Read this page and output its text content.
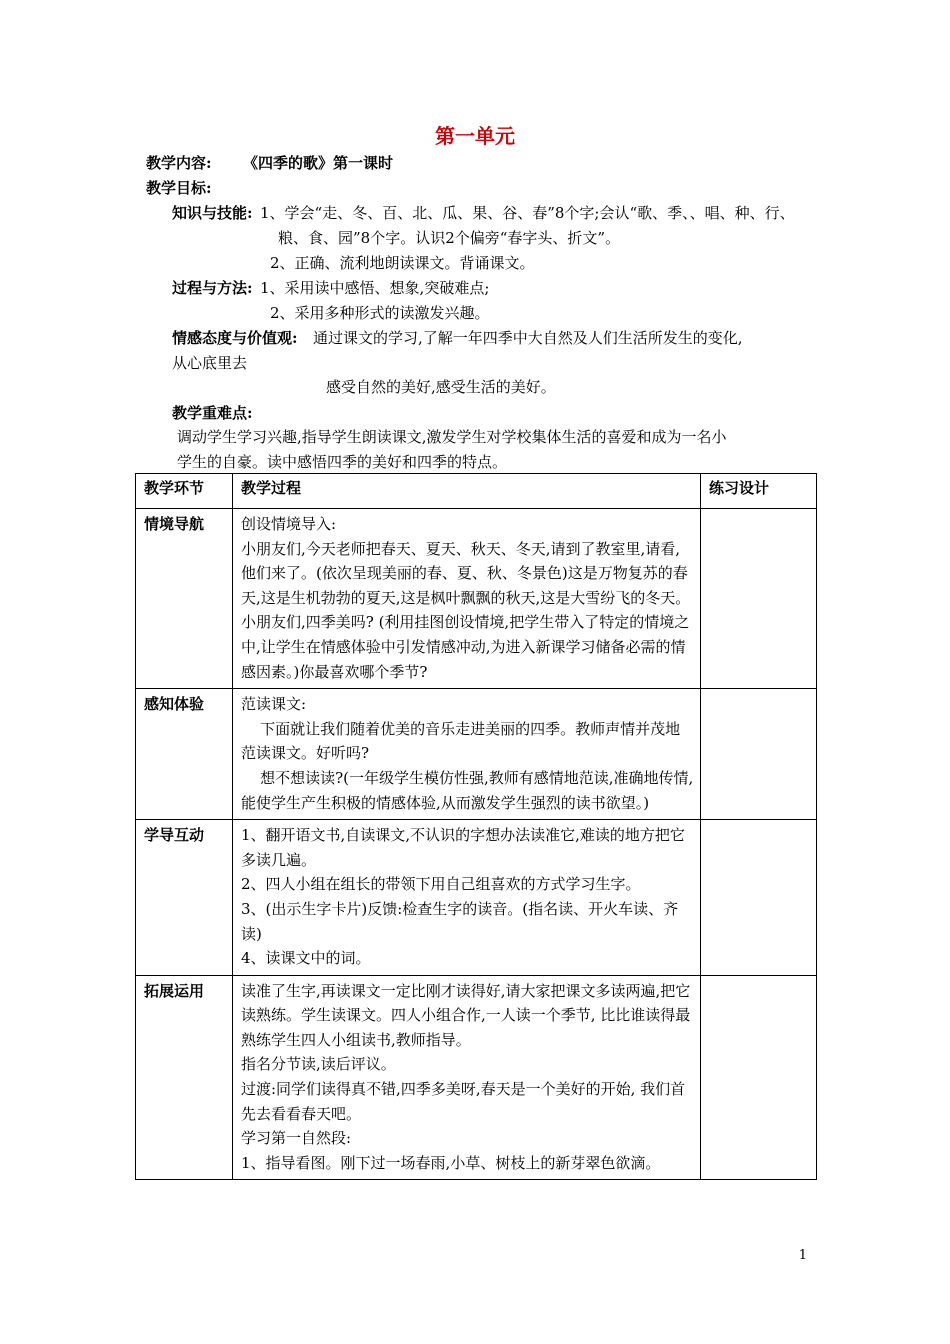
第一单元
教学内容: 《四季的歌》第一课时
教学目标:
知识与技能: 1、学会“走、冬、百、北、瓜、果、谷、春”8个字;会认“歌、季、、唱、种、行、
粮、食、园”8个字。认识2个偏旁“春字头、折文”。
2、正确、流利地朗读课文。背诵课文。
过程与方法: 1、采用读中感悟、想象,突破难点;
2、采用多种形式的读激发兴趣。
情感态度与价值观: 通过课文的学习,了解一年四季中大自然及人们生活所发生的变化,
从心底里去
感受自然的美好,感受生活的美好。
教学重难点:
调动学生学习兴趣,指导学生朗读课文,激发学生对学校集体生活的喜爱和成为一名小
学生的自豪。读中感悟四季的美好和四季的特点。
教学环节	教学过程	练习设计
情境导航	创设情境导入:

小朋友们,今天老师把春天、夏天、秋天、冬天,请到了教室里,请看,他们来了。(依次呈现美丽的春、夏、秋、冬景色)这是万物复苏的春天,这是生机勃勃的夏天,这是枫叶飘飘的秋天,这是大雪纷飞的冬天。小朋友们,四季美吗? (利用挂图创设情境,把学生带入了特定的情境之中,让学生在情感体验中引发情感冲动,为进入新课学习储备必需的情感因素。)你最喜欢哪个季节?	

感知体验	范读课文:

下面就让我们随着优美的音乐走进美丽的四季。教师声情并茂地范读课文。好听吗?

想不想读读?(一年级学生模仿性强,教师有感情地范读,准确地传情,能使学生产生积极的情感体验,从而激发学生强烈的读书欲望。)	

学导互动	1、翻开语文书,自读课文,不认识的字想办法读准它,难读的地方把它多读几遍。

2、四人小组在组长的带领下用自己组喜欢的方式学习生字。

3、(出示生字卡片)反馈:检查生字的读音。(指名读、开火车读、齐读)

4、读课文中的词。	

拓展运用	读准了生字,再读课文一定比刚才读得好,请大家把课文多读两遍,把它读熟练。学生读课文。四人小组合作,一人读一个季节, 比比谁读得最熟练学生四人小组读书,教师指导。

指名分节读,读后评议。

过渡:同学们读得真不错,四季多美呀,春天是一个美好的开始, 我们首先去看看春天吧。

学习第一自然段:

1、指导看图。刚下过一场春雨,小草、树枝上的新芽翠色欲滴。	

1
